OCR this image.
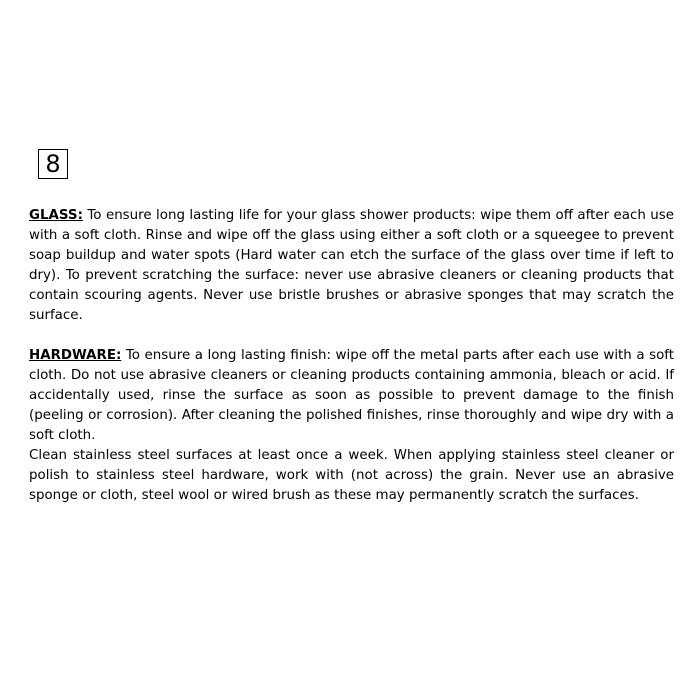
8

GLASS: To ensure long lasting life for your glass shower products: wipe them off after each use with a soft cloth. Rinse and wipe off the glass using either a soft cloth or a squeegee to prevent soap buildup and water spots (Hard water can etch the surface of the glass over time if left to dry). To prevent scratching the surface: never use abrasive cleaners or cleaning products that contain scouring agents. Never use bristle brushes or abrasive sponges that may scratch the surface.

HARDWARE: To ensure a long lasting finish: wipe off the metal parts after each use with a soft cloth. Do not use abrasive cleaners or cleaning products containing ammonia, bleach or acid. If accidentally used, rinse the surface as soon as possible to prevent damage to the finish (peeling or corrosion). After cleaning the polished finishes, rinse thoroughly and wipe dry with a soft cloth.

Clean stainless steel surfaces at least once a week. When applying stainless steel cleaner or polish to stainless steel hardware, work with (not across) the grain. Never use an abrasive sponge or cloth, steel wool or wired brush as these may permanently scratch the surfaces.
